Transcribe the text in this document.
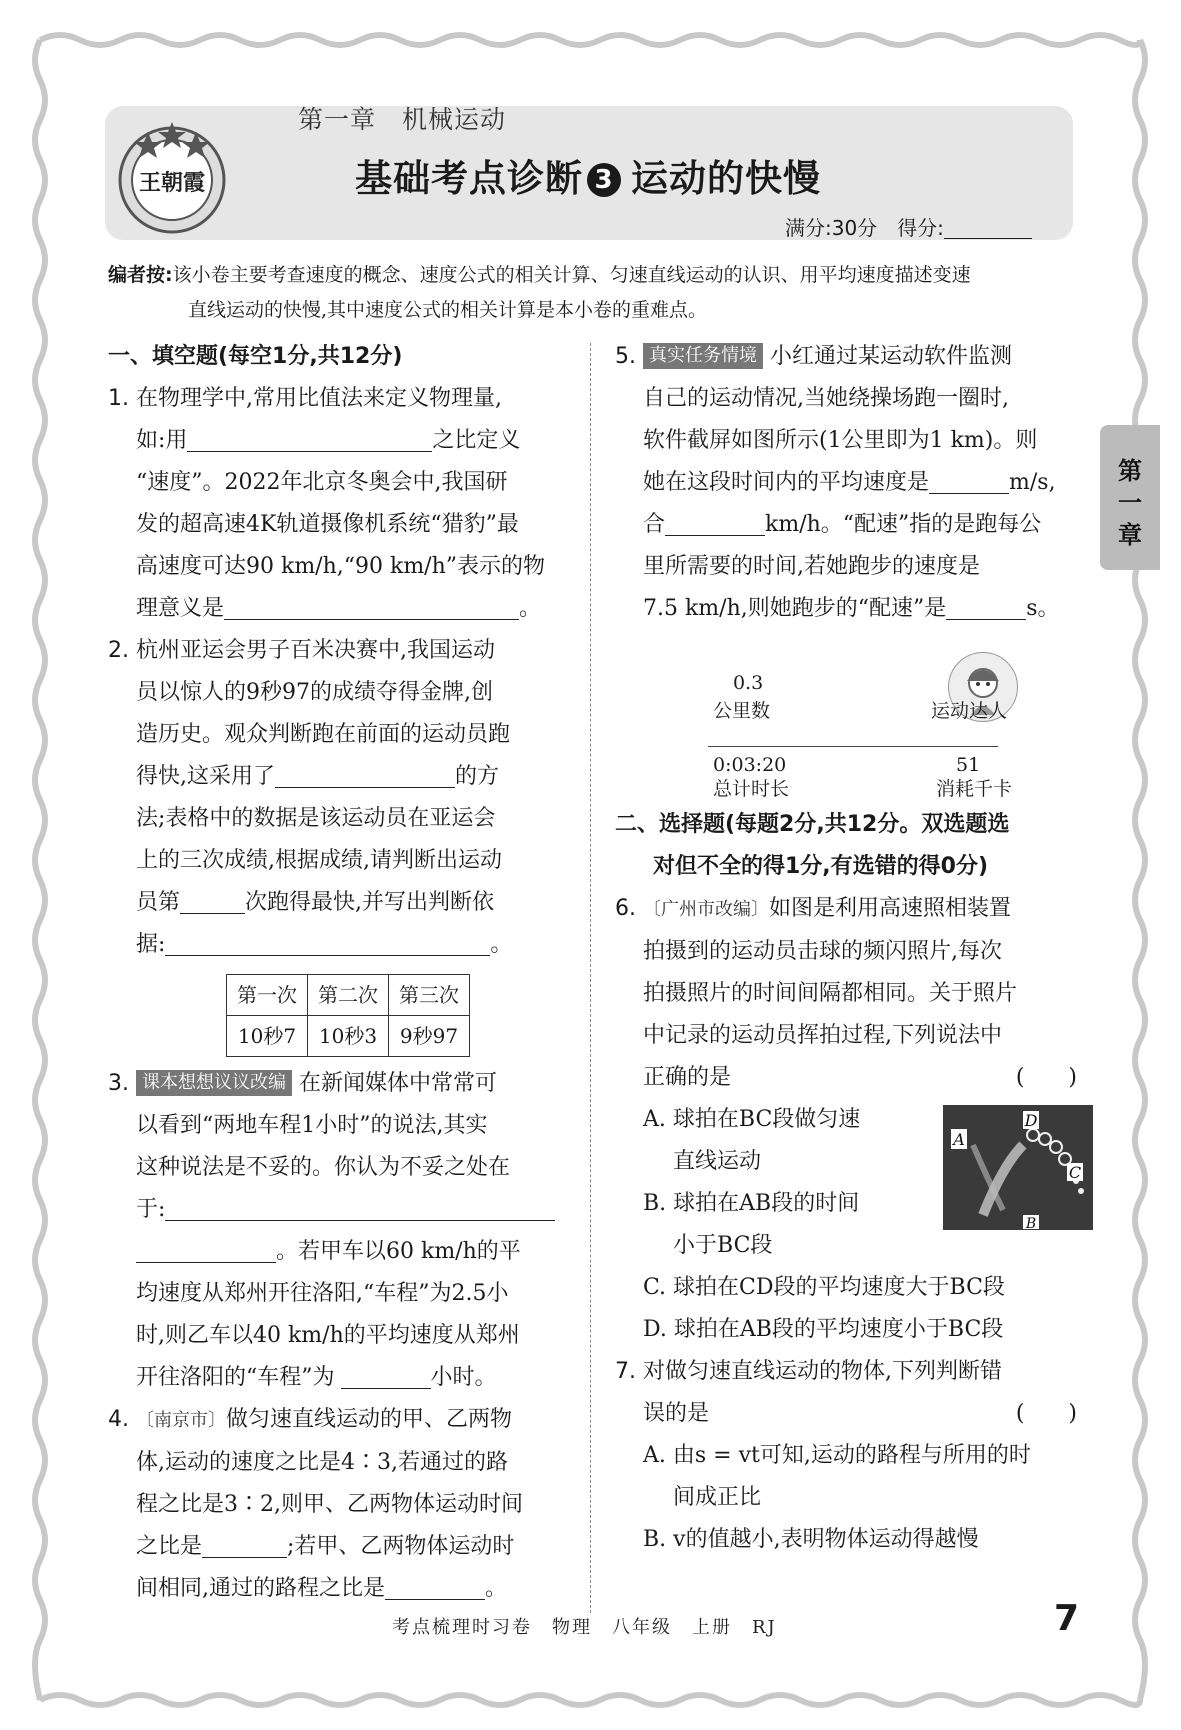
王朝霞
第一章　机械运动
基础考点诊断 3 运动的快慢
满分:30分　得分:
编者按:该小卷主要考查速度的概念、速度公式的相关计算、匀速直线运动的认识、用平均速度描述变速
直线运动的快慢,其中速度公式的相关计算是本小卷的重难点。
第
一
章
一、填空题(每空1分,共12分)
1. 在物理学中,常用比值法来定义物理量,
如:用	之比定义
“速度”。2022年北京冬奥会中,我国研
发的超高速4K轨道摄像机系统“猎豹”最
高速度可达90 km/h,“90 km/h”表示的物
理意义是	。
2. 杭州亚运会男子百米决赛中,我国运动
员以惊人的9秒97的成绩夺得金牌,创
造历史。观众判断跑在前面的运动员跑
得快,这采用了	的方
法;表格中的数据是该运动员在亚运会
上的三次成绩,根据成绩,请判断出运动
员第	次跑得最快,并写出判断依
据:	。
第一次	第二次	第三次
10秒7	10秒3	9秒97
3. 课本想想议议改编 在新闻媒体中常常可
以看到“两地车程1小时”的说法,其实
这种说法是不妥的。你认为不妥之处在
于:
。若甲车以60 km/h的平
均速度从郑州开往洛阳,“车程”为2.5小
时,则乙车以40 km/h的平均速度从郑州
开往洛阳的“车程”为	小时。
4. 〔南京市〕做匀速直线运动的甲、乙两物
体,运动的速度之比是4∶3,若通过的路
程之比是3∶2,则甲、乙两物体运动时间
之比是	;若甲、乙两物体运动时
间相同,通过的路程之比是	。
5. 真实任务情境 小红通过某运动软件监测
自己的运动情况,当她绕操场跑一圈时,
软件截屏如图所示(1公里即为1 km)。则
她在这段时间内的平均速度是	m/s,
合	km/h。“配速”指的是跑每公
里所需要的时间,若她跑步的速度是
7.5 km/h,则她跑步的“配速”是	s。
0.3
公里数	运动达人
0:03:20
总计时长
51
消耗千卡
二、选择题(每题2分,共12分。双选题选
对但不全的得1分,有选错的得0分)
6. 〔广州市改编〕如图是利用高速照相装置
拍摄到的运动员击球的频闪照片,每次
拍摄照片的时间间隔都相同。关于照片
中记录的运动员挥拍过程,下列说法中
正确的是	(　　)
A
B
C
D
A. 球拍在BC段做匀速
直线运动
B. 球拍在AB段的时间
小于BC段
C. 球拍在CD段的平均速度大于BC段
D. 球拍在AB段的平均速度小于BC段
7. 对做匀速直线运动的物体,下列判断错
误的是	(　　)
A. 由s = vt可知,运动的路程与所用的时
间成正比
B. v的值越小,表明物体运动得越慢
考点梳理时习卷　物理　八年级　上册　RJ	7
